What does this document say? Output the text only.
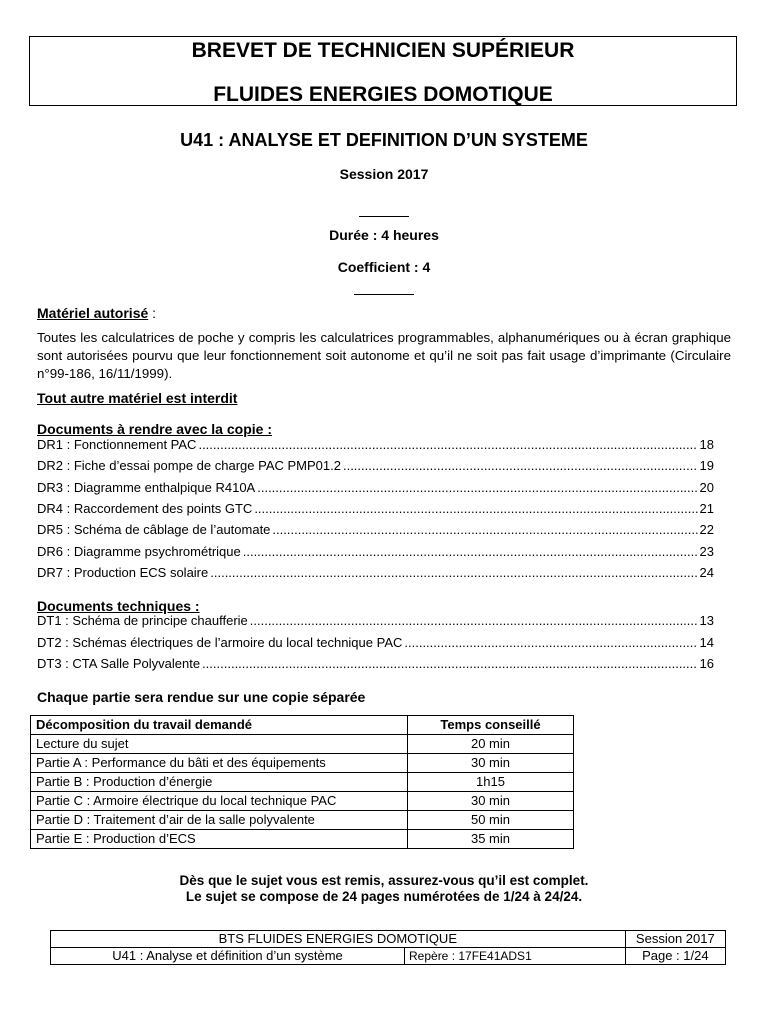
BREVET DE TECHNICIEN SUPÉRIEUR
FLUIDES ENERGIES DOMOTIQUE
U41 : ANALYSE ET DEFINITION D’UN SYSTEME
Session 2017
Durée : 4 heures
Coefficient : 4
Matériel autorisé :
Toutes les calculatrices de poche y compris les calculatrices programmables, alphanumériques ou à écran graphique sont autorisées pourvu que leur fonctionnement soit autonome et qu’il ne soit pas fait usage d’imprimante (Circulaire n°99-186, 16/11/1999).
Tout autre matériel est interdit
Documents à rendre avec la copie :
DR1 : Fonctionnement PAC .....	18
DR2 : Fiche d’essai pompe de charge PAC PMP01.2 .....	19
DR3 : Diagramme enthalpique R410A .....	20
DR4 : Raccordement des points GTC .....	21
DR5 : Schéma de câblage de l’automate .....	22
DR6 : Diagramme psychrométrique .....	23
DR7 : Production ECS solaire .....	24
Documents techniques :
DT1 : Schéma de principe chaufferie .....	13
DT2 : Schémas électriques de l’armoire du local technique PAC .....	14
DT3 : CTA Salle Polyvalente .....	16
Chaque partie sera rendue sur une copie séparée
Décomposition du travail demandé	Temps conseillé
Lecture du sujet	20 min
Partie A : Performance du bâti et des équipements	30 min
Partie B : Production d’énergie	1h15
Partie C : Armoire électrique du local technique PAC	30 min
Partie D : Traitement d’air de la salle polyvalente	50 min
Partie E : Production d’ECS	35 min
Dès que le sujet vous est remis, assurez-vous qu’il est complet.
Le sujet se compose de 24 pages numérotées de 1/24 à 24/24.
BTS FLUIDES ENERGIES DOMOTIQUE		Session 2017
U41 : Analyse et définition d’un système	Repère : 17FE41ADS1	Page : 1/24
